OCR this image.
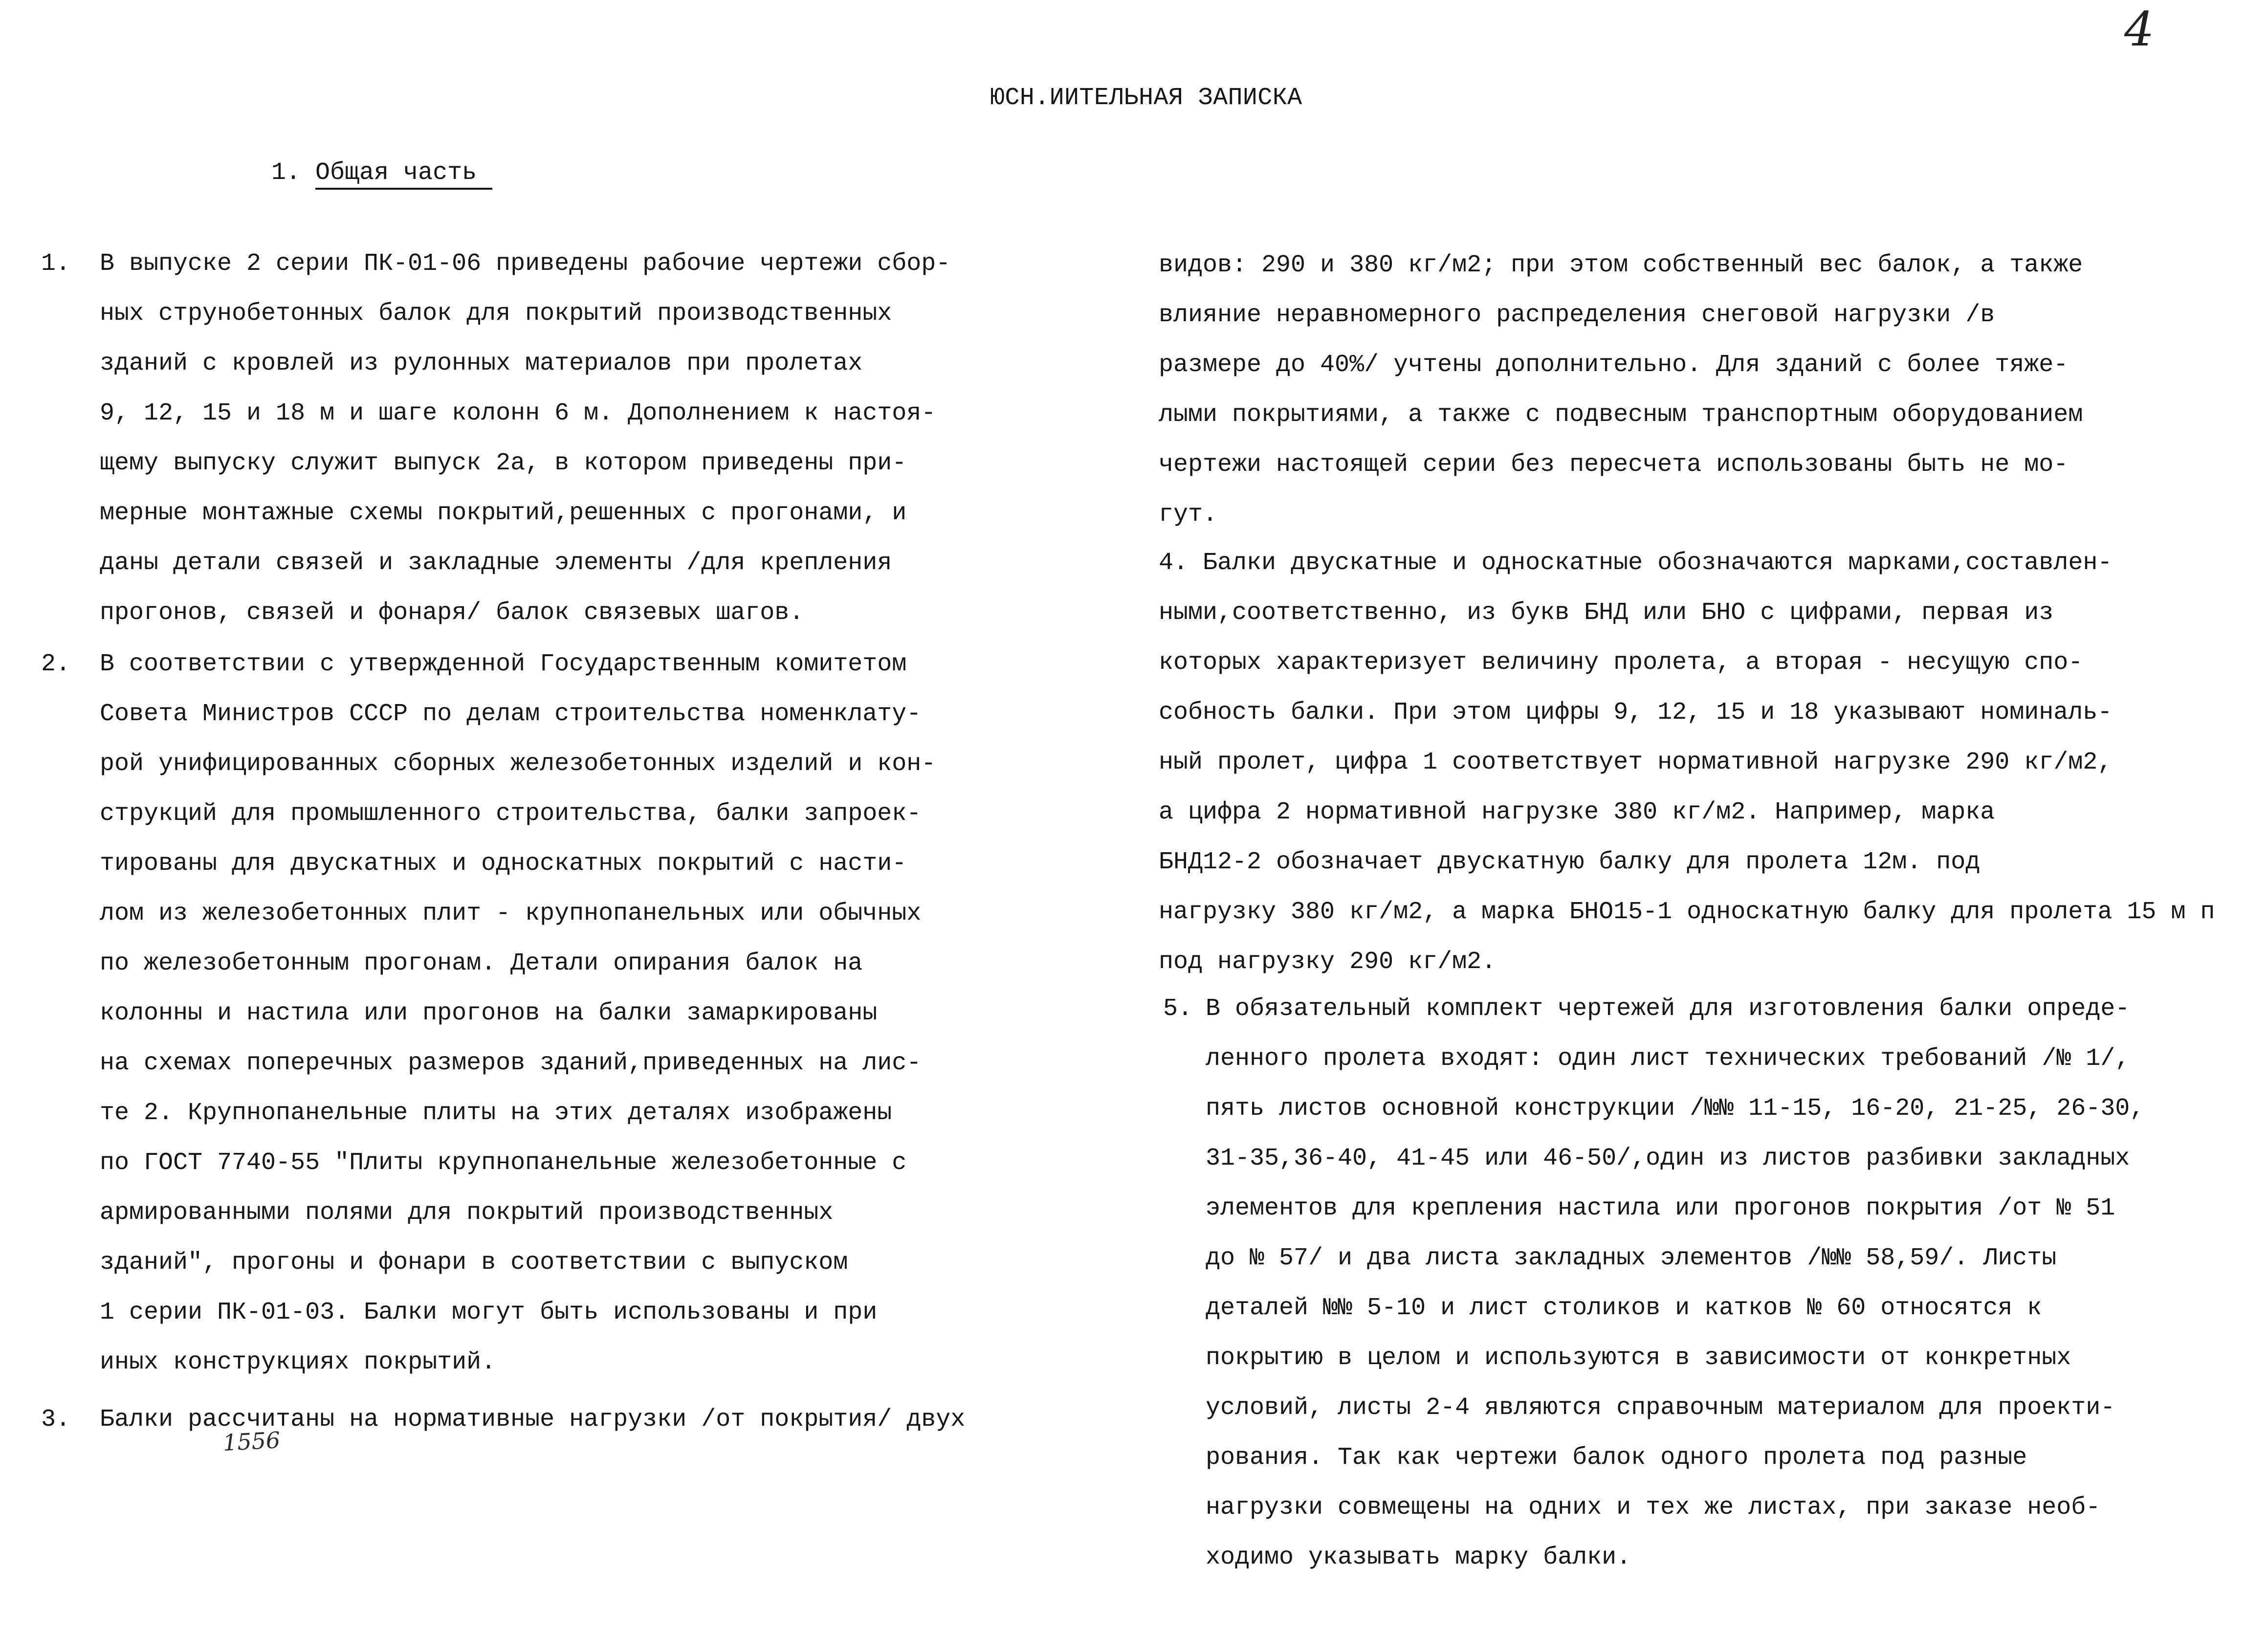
4
ЮСН.ИИТЕЛЬНАЯ ЗАПИСКА
1. Общая часть
1. В выпуске 2 серии ПК-01-06 приведены рабочие чертежи сбор-
ных струнобетонных балок для покрытий производственных
зданий с кровлей из рулонных материалов при пролетах
9, 12, 15 и 18 м и шаге колонн 6 м. Дополнением к настоя-
щему выпуску служит выпуск 2а, в котором приведены при-
мерные монтажные схемы покрытий,решенных с прогонами, и
даны детали связей и закладные элементы /для крепления
прогонов, связей и фонаря/ балок связевых шагов.
2. В соответствии с утвержденной Государственным комитетом
Совета Министров СССР по делам строительства номенклату-
рой унифицированных сборных железобетонных изделий и кон-
струкций для промышленного строительства, балки запроек-
тированы для двускатных и односкатных покрытий с насти-
лом из железобетонных плит - крупнопанельных или обычных
по железобетонным прогонам. Детали опирания балок на
колонны и настила или прогонов на балки замаркированы
на схемах поперечных размеров зданий,приведенных на лис-
те 2. Крупнопанельные плиты на этих деталях изображены
по ГОСТ 7740-55 "Плиты крупнопанельные железобетонные с
армированными полями для покрытий производственных
зданий", прогоны и фонари в соответствии с выпуском
1 серии ПК-01-03. Балки могут быть использованы и при
иных конструкциях покрытий.
3. Балки рассчитаны на нормативные нагрузки /от покрытия/ двух
1556
видов: 290 и 380 кг/м2; при этом собственный вес балок, а также
влияние неравномерного распределения снеговой нагрузки /в
размере до 40%/ учтены дополнительно. Для зданий с более тяже-
лыми покрытиями, а также с подвесным транспортным оборудованием
чертежи настоящей серии без пересчета использованы быть не мо-
гут.
4. Балки двускатные и односкатные обозначаются марками,составлен-
ными,соответственно, из букв БНД или БНО с цифрами, первая из
которых характеризует величину пролета, а вторая - несущую спо-
собность балки. При этом цифры 9, 12, 15 и 18 указывают номиналь-
ный пролет, цифра 1 соответствует нормативной нагрузке 290 кг/м2,
а цифра 2 нормативной нагрузке 380 кг/м2. Например, марка
БНД12-2 обозначает двускатную балку для пролета 12м. под
нагрузку 380 кг/м2, а марка БНО15-1 односкатную балку для пролета 15 м п
под нагрузку 290 кг/м2.
5. В обязательный комплект чертежей для изготовления балки опреде-
ленного пролета входят: один лист технических требований /№ 1/,
пять листов основной конструкции /№№ 11-15, 16-20, 21-25, 26-30,
31-35,36-40, 41-45 или 46-50/,один из листов разбивки закладных
элементов для крепления настила или прогонов покрытия /от № 51
до № 57/ и два листа закладных элементов /№№ 58,59/. Листы
деталей №№ 5-10 и лист столиков и катков № 60 относятся к
покрытию в целом и используются в зависимости от конкретных
условий, листы 2-4 являются справочным материалом для проекти-
рования. Так как чертежи балок одного пролета под разные
нагрузки совмещены на одних и тех же листах, при заказе необ-
ходимо указывать марку балки.
